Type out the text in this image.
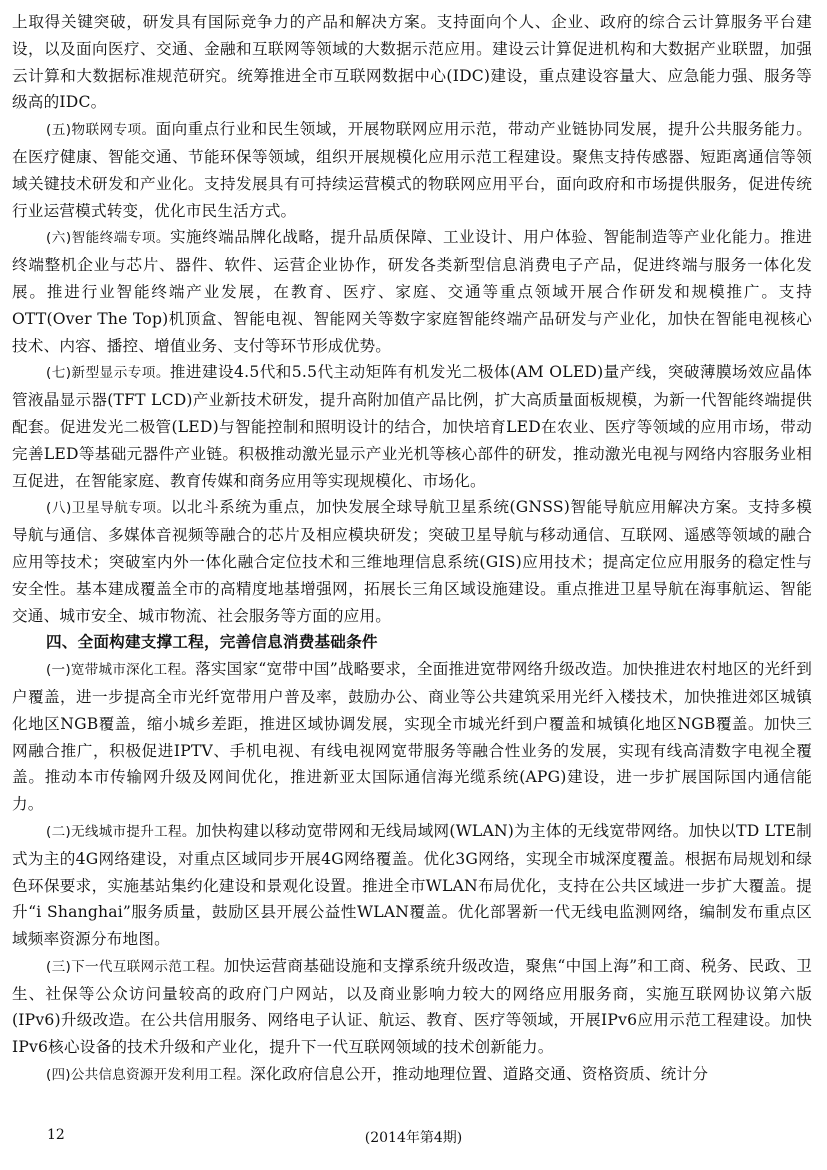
上取得关键突破，研发具有国际竞争力的产品和解决方案。支持面向个人、企业、政府的综合云计算服务平台建设，以及面向医疗、交通、金融和互联网等领域的大数据示范应用。建设云计算促进机构和大数据产业联盟，加强云计算和大数据标准规范研究。统筹推进全市互联网数据中心(IDC)建设，重点建设容量大、应急能力强、服务等级高的IDC。

(五)物联网专项。面向重点行业和民生领域，开展物联网应用示范，带动产业链协同发展，提升公共服务能力。在医疗健康、智能交通、节能环保等领域，组织开展规模化应用示范工程建设。聚焦支持传感器、短距离通信等领域关键技术研发和产业化。支持发展具有可持续运营模式的物联网应用平台，面向政府和市场提供服务，促进传统行业运营模式转变，优化市民生活方式。

(六)智能终端专项。实施终端品牌化战略，提升品质保障、工业设计、用户体验、智能制造等产业化能力。推进终端整机企业与芯片、器件、软件、运营企业协作，研发各类新型信息消费电子产品，促进终端与服务一体化发展。推进行业智能终端产业发展，在教育、医疗、家庭、交通等重点领域开展合作研发和规模推广。支持OTT(Over The Top)机顶盒、智能电视、智能网关等数字家庭智能终端产品研发与产业化，加快在智能电视核心技术、内容、播控、增值业务、支付等环节形成优势。

(七)新型显示专项。推进建设4.5代和5.5代主动矩阵有机发光二极体(AM OLED)量产线，突破薄膜场效应晶体管液晶显示器(TFT LCD)产业新技术研发，提升高附加值产品比例，扩大高质量面板规模，为新一代智能终端提供配套。促进发光二极管(LED)与智能控制和照明设计的结合，加快培育LED在农业、医疗等领域的应用市场，带动完善LED等基础元器件产业链。积极推动激光显示产业光机等核心部件的研发，推动激光电视与网络内容服务业相互促进，在智能家庭、教育传媒和商务应用等实现规模化、市场化。

(八)卫星导航专项。以北斗系统为重点，加快发展全球导航卫星系统(GNSS)智能导航应用解决方案。支持多模导航与通信、多媒体音视频等融合的芯片及相应模块研发；突破卫星导航与移动通信、互联网、遥感等领域的融合应用等技术；突破室内外一体化融合定位技术和三维地理信息系统(GIS)应用技术；提高定位应用服务的稳定性与安全性。基本建成覆盖全市的高精度地基增强网，拓展长三角区域设施建设。重点推进卫星导航在海事航运、智能交通、城市安全、城市物流、社会服务等方面的应用。

四、全面构建支撑工程，完善信息消费基础条件

(一)宽带城市深化工程。落实国家“宽带中国”战略要求，全面推进宽带网络升级改造。加快推进农村地区的光纤到户覆盖，进一步提高全市光纤宽带用户普及率，鼓励办公、商业等公共建筑采用光纤入楼技术，加快推进郊区城镇化地区NGB覆盖，缩小城乡差距，推进区域协调发展，实现全市城光纤到户覆盖和城镇化地区NGB覆盖。加快三网融合推广，积极促进IPTV、手机电视、有线电视网宽带服务等融合性业务的发展，实现有线高清数字电视全覆盖。推动本市传输网升级及网间优化，推进新亚太国际通信海光缆系统(APG)建设，进一步扩展国际国内通信能力。

(二)无线城市提升工程。加快构建以移动宽带网和无线局域网(WLAN)为主体的无线宽带网络。加快以TD LTE制式为主的4G网络建设，对重点区域同步开展4G网络覆盖。优化3G网络，实现全市城深度覆盖。根据布局规划和绿色环保要求，实施基站集约化建设和景观化设置。推进全市WLAN布局优化，支持在公共区域进一步扩大覆盖。提升“i Shanghai”服务质量，鼓励区县开展公益性WLAN覆盖。优化部署新一代无线电监测网络，编制发布重点区域频率资源分布地图。

(三)下一代互联网示范工程。加快运营商基础设施和支撑系统升级改造，聚焦“中国上海”和工商、税务、民政、卫生、社保等公众访问量较高的政府门户网站，以及商业影响力较大的网络应用服务商，实施互联网协议第六版(IPv6)升级改造。在公共信用服务、网络电子认证、航运、教育、医疗等领域，开展IPv6应用示范工程建设。加快IPv6核心设备的技术升级和产业化，提升下一代互联网领域的技术创新能力。

(四)公共信息资源开发利用工程。深化政府信息公开，推动地理位置、道路交通、资格资质、统计分

12	(2014年第4期)
